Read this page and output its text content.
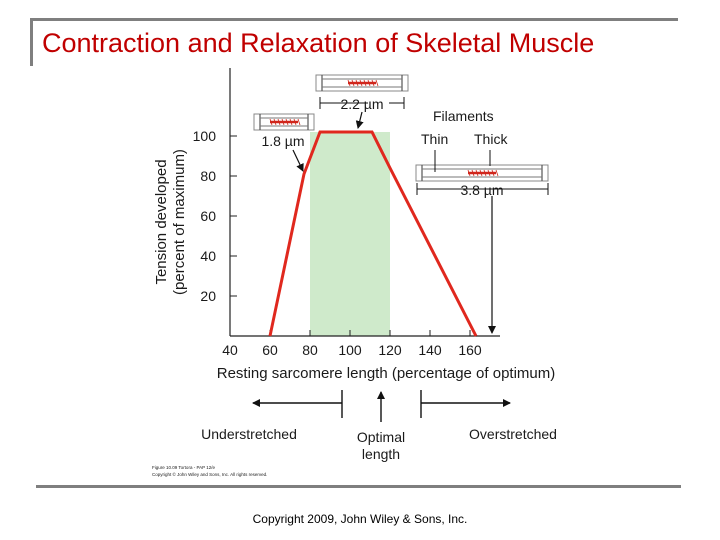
Contraction and Relaxation of Skeletal Muscle
20
40
60
80
100
40 60 80 100 120 140 160
Resting sarcomere length (percentage of optimum)
Tension developed (percent of maximum)
Filaments
Thin Thick
2.2 µm
1.8 µm
3.8 µm
Understretched	Optimal
length
Overstretched
Figure 10.09 Tortora - PAP 12/e
Copyright © John Wiley and Sons, Inc. All rights reserved.
Copyright 2009, John Wiley & Sons, Inc.
